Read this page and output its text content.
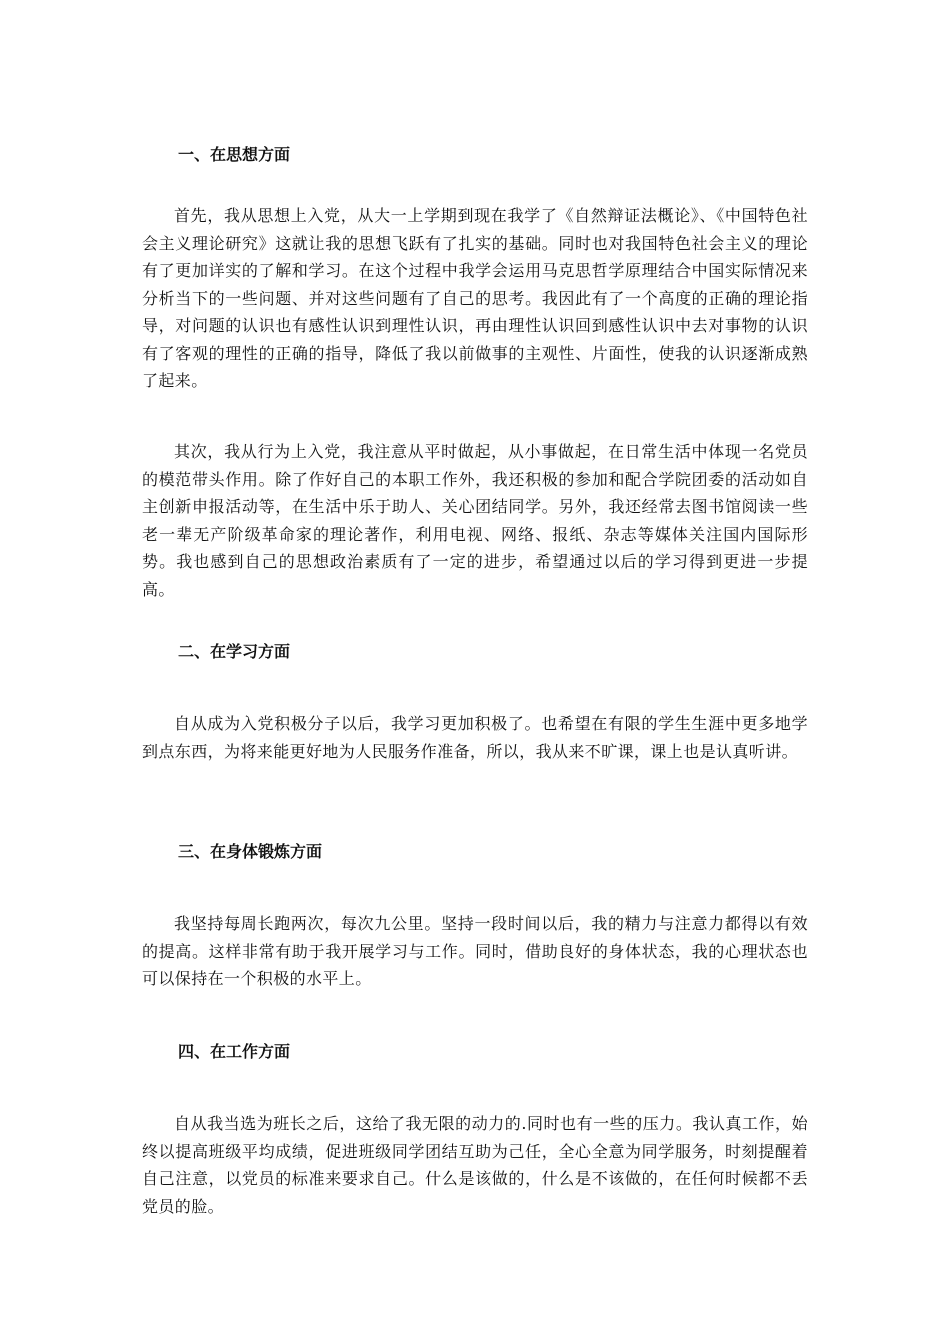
一、在思想方面

首先，我从思想上入党，从大一上学期到现在我学了《自然辩证法概论》、《中国特色社会主义理论研究》这就让我的思想飞跃有了扎实的基础。同时也对我国特色社会主义的理论有了更加详实的了解和学习。在这个过程中我学会运用马克思哲学原理结合中国实际情况来分析当下的一些问题、并对这些问题有了自己的思考。我因此有了一个高度的正确的理论指导，对问题的认识也有感性认识到理性认识，再由理性认识回到感性认识中去对事物的认识有了客观的理性的正确的指导，降低了我以前做事的主观性、片面性，使我的认识逐渐成熟了起来。

其次，我从行为上入党，我注意从平时做起，从小事做起，在日常生活中体现一名党员的模范带头作用。除了作好自己的本职工作外，我还积极的参加和配合学院团委的活动如自主创新申报活动等，在生活中乐于助人、关心团结同学。另外，我还经常去图书馆阅读一些老一辈无产阶级革命家的理论著作，利用电视、网络、报纸、杂志等媒体关注国内国际形势。我也感到自己的思想政治素质有了一定的进步，希望通过以后的学习得到更进一步提高。

二、在学习方面

自从成为入党积极分子以后，我学习更加积极了。也希望在有限的学生生涯中更多地学到点东西，为将来能更好地为人民服务作准备，所以，我从来不旷课，课上也是认真听讲。

三、在身体锻炼方面

我坚持每周长跑两次，每次九公里。坚持一段时间以后，我的精力与注意力都得以有效的提高。这样非常有助于我开展学习与工作。同时，借助良好的身体状态，我的心理状态也可以保持在一个积极的水平上。

四、在工作方面

自从我当选为班长之后，这给了我无限的动力的.同时也有一些的压力。我认真工作，始终以提高班级平均成绩，促进班级同学团结互助为己任，全心全意为同学服务，时刻提醒着自己注意，以党员的标准来要求自己。什么是该做的，什么是不该做的，在任何时候都不丢党员的脸。
